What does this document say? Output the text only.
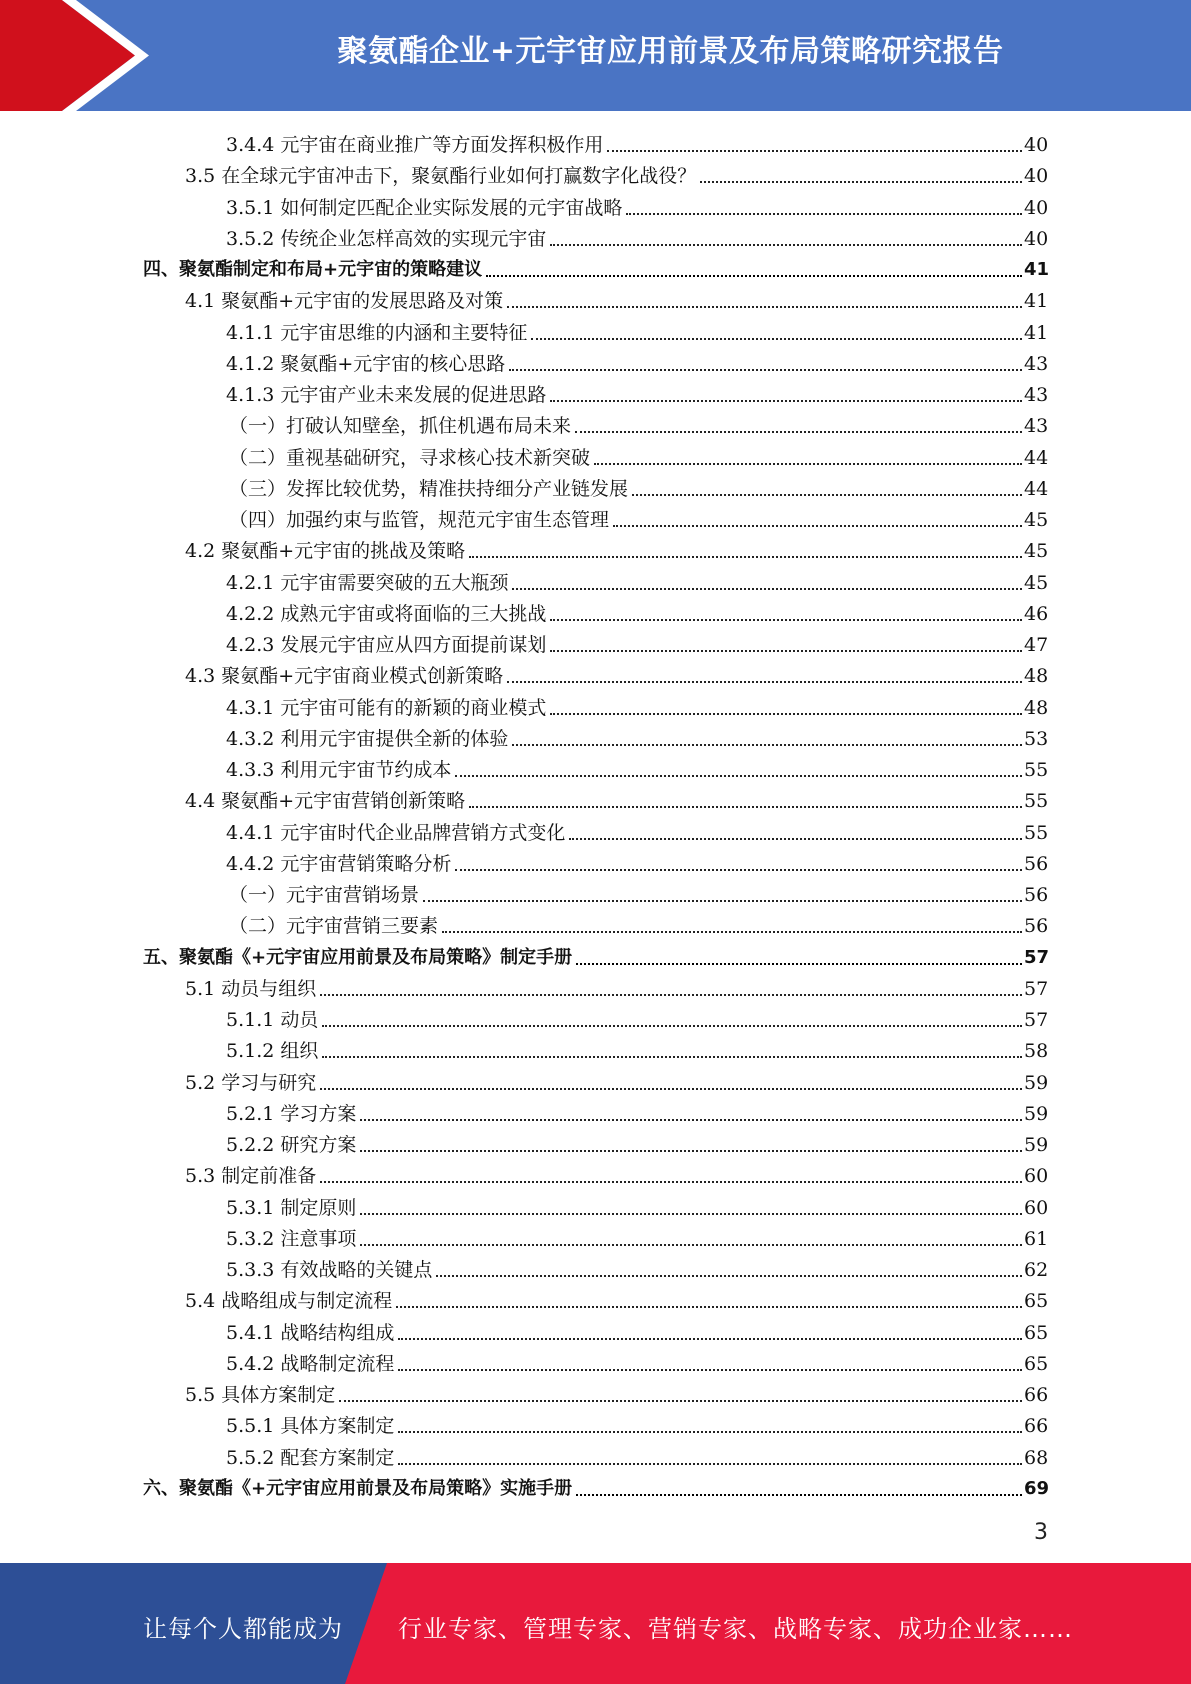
聚氨酯企业+元宇宙应用前景及布局策略研究报告
3.4.4 元宇宙在商业推广等方面发挥积极作用	40
3.5 在全球元宇宙冲击下，聚氨酯行业如何打赢数字化战役？	40
3.5.1 如何制定匹配企业实际发展的元宇宙战略	40
3.5.2 传统企业怎样高效的实现元宇宙	40
四、聚氨酯制定和布局+元宇宙的策略建议	41
4.1 聚氨酯+元宇宙的发展思路及对策	41
4.1.1 元宇宙思维的内涵和主要特征	41
4.1.2 聚氨酯+元宇宙的核心思路	43
4.1.3 元宇宙产业未来发展的促进思路	43
（一）打破认知壁垒，抓住机遇布局未来	43
（二）重视基础研究，寻求核心技术新突破	44
（三）发挥比较优势，精准扶持细分产业链发展	44
（四）加强约束与监管，规范元宇宙生态管理	45
4.2 聚氨酯+元宇宙的挑战及策略	45
4.2.1 元宇宙需要突破的五大瓶颈	45
4.2.2 成熟元宇宙或将面临的三大挑战	46
4.2.3 发展元宇宙应从四方面提前谋划	47
4.3 聚氨酯+元宇宙商业模式创新策略	48
4.3.1 元宇宙可能有的新颖的商业模式	48
4.3.2 利用元宇宙提供全新的体验	53
4.3.3 利用元宇宙节约成本	55
4.4 聚氨酯+元宇宙营销创新策略	55
4.4.1 元宇宙时代企业品牌营销方式变化	55
4.4.2 元宇宙营销策略分析	56
（一）元宇宙营销场景	56
（二）元宇宙营销三要素	56
五、聚氨酯《+元宇宙应用前景及布局策略》制定手册	57
5.1 动员与组织	57
5.1.1 动员	57
5.1.2 组织	58
5.2 学习与研究	59
5.2.1 学习方案	59
5.2.2 研究方案	59
5.3 制定前准备	60
5.3.1 制定原则	60
5.3.2 注意事项	61
5.3.3 有效战略的关键点	62
5.4 战略组成与制定流程	65
5.4.1 战略结构组成	65
5.4.2 战略制定流程	65
5.5 具体方案制定	66
5.5.1 具体方案制定	66
5.5.2 配套方案制定	68
六、聚氨酯《+元宇宙应用前景及布局策略》实施手册	69
3
让每个人都能成为 行业专家、管理专家、营销专家、战略专家、成功企业家……
